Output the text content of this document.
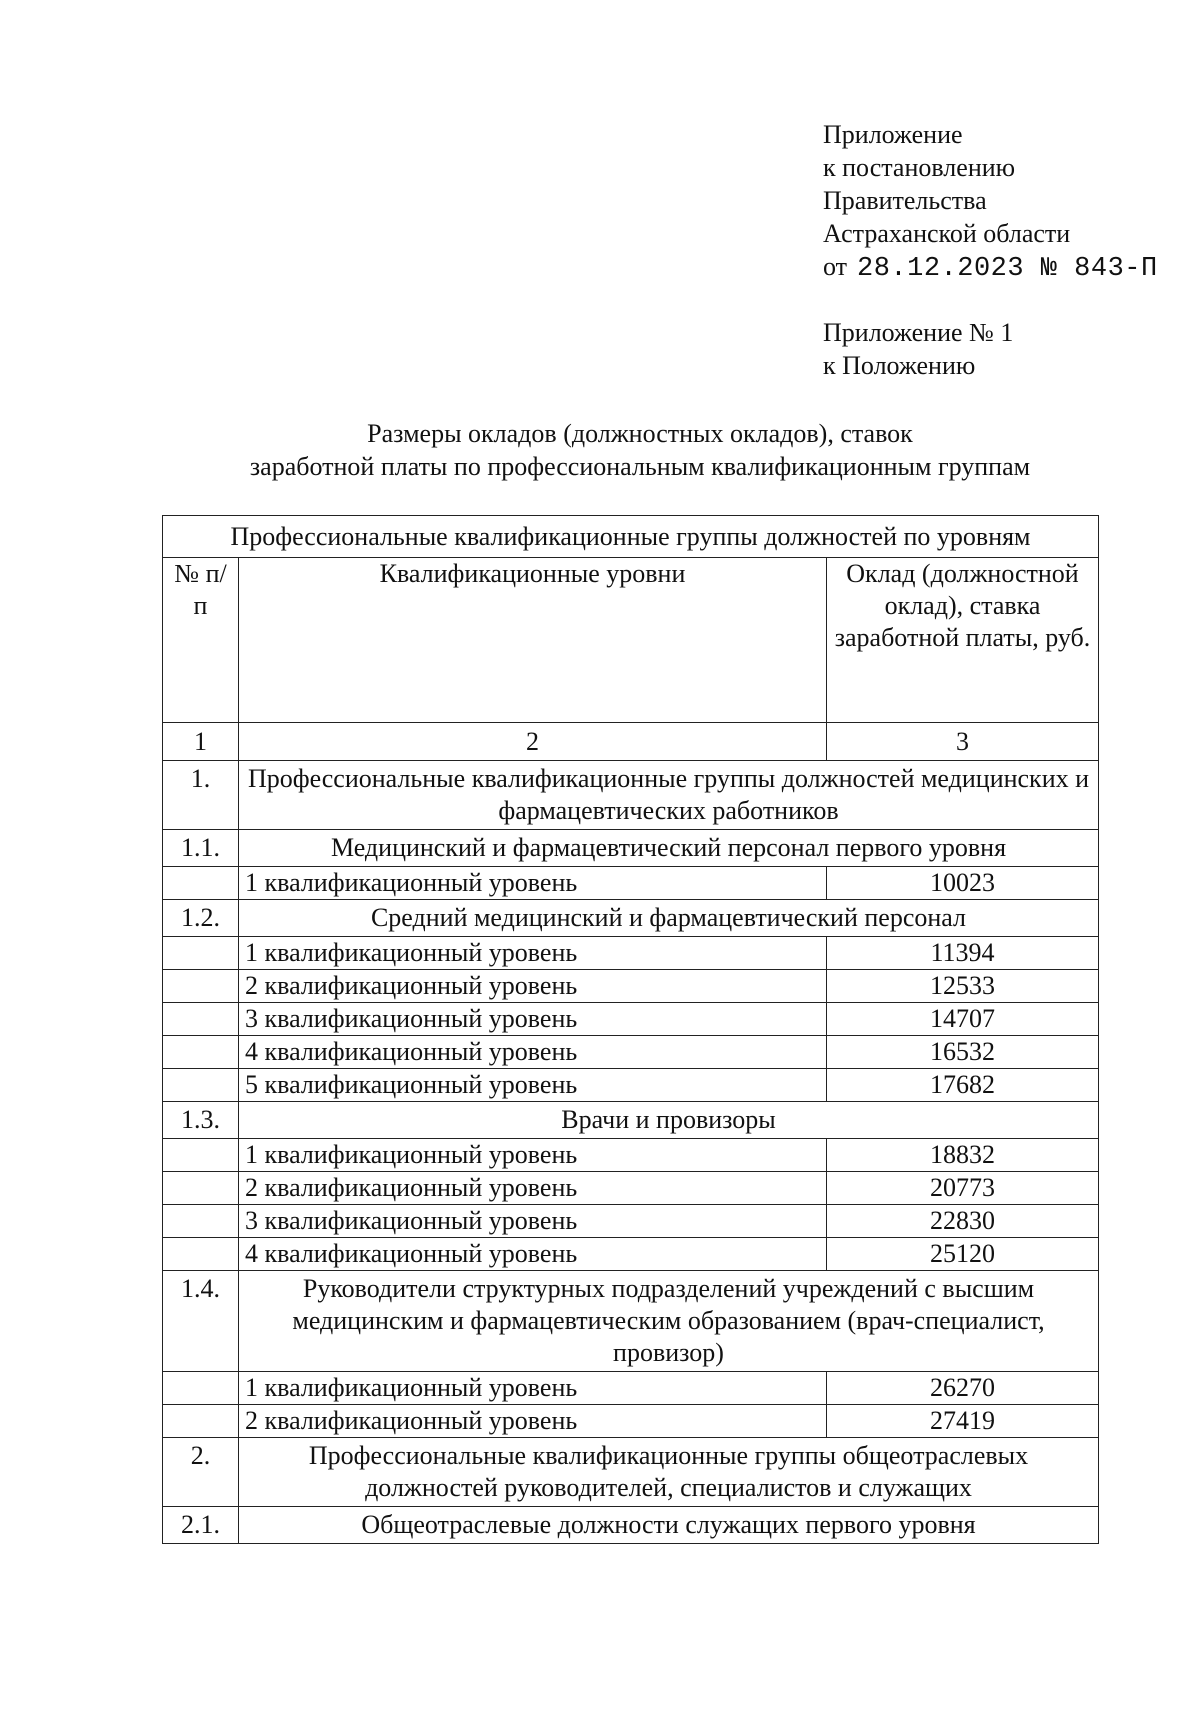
Приложение
к постановлению
Правительства
Астраханской области
от 28.12.2023 № 843-П
Приложение № 1
к Положению
Размеры окладов (должностных окладов), ставок
заработной платы по профессиональным квалификационным группам
Профессиональные квалификационные группы должностей по уровням		
№ п/п	Квалификационные уровни	Оклад (должностной оклад), ставка заработной платы, руб.
1	2	3
1.	Профессиональные квалификационные группы должностей медицинских и фармацевтических работников	
1.1.	Медицинский и фармацевтический персонал первого уровня	
	1 квалификационный уровень	10023
1.2.	Средний медицинский и фармацевтический персонал	
	1 квалификационный уровень	11394
	2 квалификационный уровень	12533
	3 квалификационный уровень	14707
	4 квалификационный уровень	16532
	5 квалификационный уровень	17682
1.3.	Врачи и провизоры	
	1 квалификационный уровень	18832
	2 квалификационный уровень	20773
	3 квалификационный уровень	22830
	4 квалификационный уровень	25120
1.4.	Руководители структурных подразделений учреждений с высшим медицинским и фармацевтическим образованием (врач-специалист, провизор)	
	1 квалификационный уровень	26270
	2 квалификационный уровень	27419
2.	Профессиональные квалификационные группы общеотраслевых должностей руководителей, специалистов и служащих	
2.1.	Общеотраслевые должности служащих первого уровня	
